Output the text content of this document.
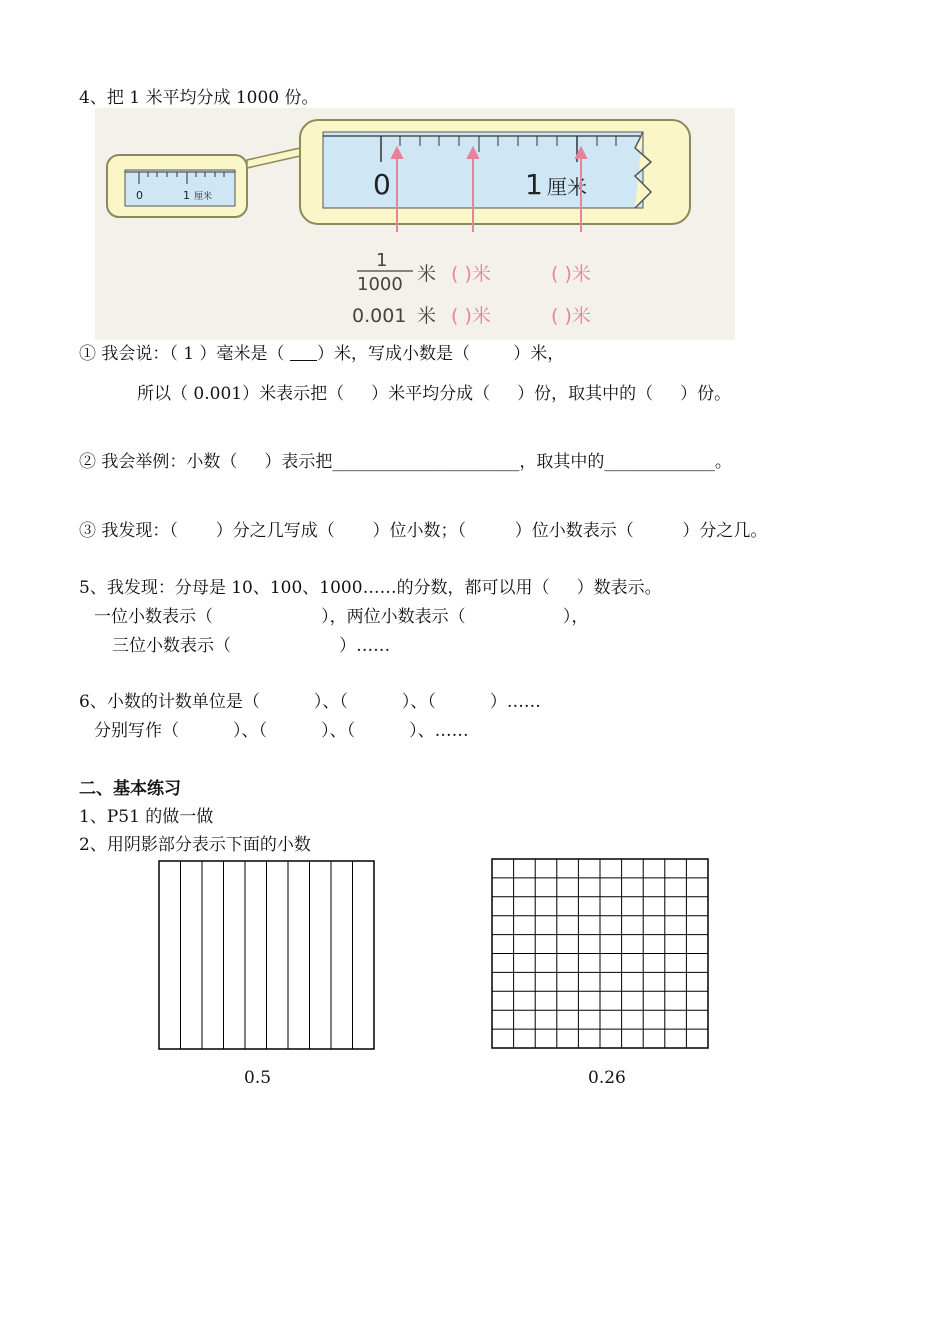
4、把 1 米平均分成 1000 份。
0	1 厘米	0	1 厘米
1
1000 米 ( )米	( )米
0.001 米 ( )米	( )米
① 我会说：（ 1 ）毫米是（      ）米，写成小数是（        ）米，
所以（ 0.001）米表示把（     ）米平均分成（     ）份，取其中的（     ）份。
② 我会举例：小数（     ）表示把______________________，取其中的_____________。
③ 我发现：（       ）分之几写成（       ）位小数；（         ）位小数表示（         ）分之几。
5、我发现：分母是 10、100、1000……的分数，都可以用（     ）数表示。
一位小数表示（                    ），两位小数表示（                  ），
三位小数表示（                    ）……
6、小数的计数单位是（          ）、（          ）、（          ）……
分别写作（          ）、（          ）、（          ）、……
二、基本练习
1、P51 的做一做
2、用阴影部分表示下面的小数
0.5	0.26
